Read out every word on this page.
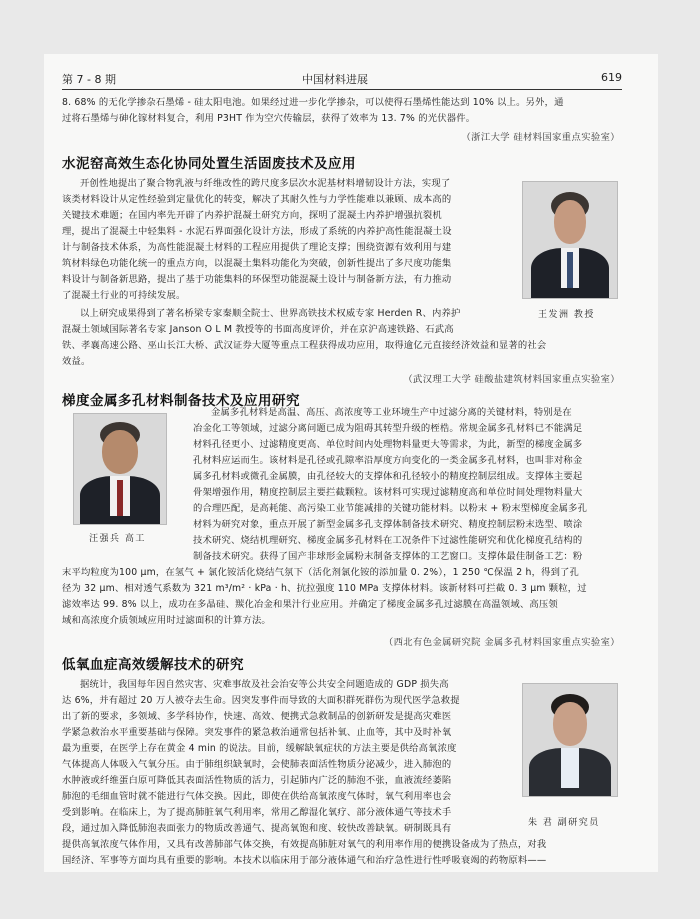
第 7 - 8 期	中国材料进展	619
8. 68% 的无化学掺杂石墨烯 - 硅太阳电池。如果经过进一步化学掺杂，可以使得石墨烯性能达到 10% 以上。另外，通
过将石墨烯与砷化镓材料复合，利用 P3HT 作为空穴传输层，获得了效率为 13. 7% 的光伏器件。
（浙江大学 硅材料国家重点实验室）
水泥窑高效生态化协同处置生活固废技术及应用
开创性地提出了聚合物乳液与纤维改性的跨尺度多层次水泥基材料增韧设计方法，实现了
该类材料设计从定性经验到定量优化的转变，解决了其耐久性与力学性能难以兼顾、成本高的
关键技术难题；在国内率先开辟了内养护混凝土研究方向，探明了混凝土内养护增强抗裂机
理，提出了混凝土中轻集料 - 水泥石界面强化设计方法，形成了系统的内养护高性能混凝土设
计与制备技术体系，为高性能混凝土材料的工程应用提供了理论支撑；围绕资源有效利用与建
筑材料绿色功能化统一的重点方向，以混凝土集料功能化为突破，创新性提出了多尺度功能集
料设计与制备新思路，提出了基于功能集料的环保型功能混凝土设计与制备新方法，有力推动
了混凝土行业的可持续发展。
以上研究成果得到了著名桥梁专家秦顺全院士、世界高铁技术权威专家 Herden R、内养护
混凝土领域国际著名专家 Janson O L M 教授等的书面高度评价，并在京沪高速铁路、石武高
铁、孝襄高速公路、巫山长江大桥、武汉证券大厦等重点工程获得成功应用，取得逾亿元直接经济效益和显著的社会
效益。
王发洲 教授
（武汉理工大学 硅酸盐建筑材料国家重点实验室）
梯度金属多孔材料制备技术及应用研究
汪强兵 高工
金属多孔材料是高温、高压、高浓度等工业环境生产中过滤分离的关键材料，特别是在
冶金化工等领域，过滤分离问题已成为阻碍其转型升级的桎梏。常规金属多孔材料已不能满足
材料孔径更小、过滤精度更高、单位时间内处理物料量更大等需求，为此，新型的梯度金属多
孔材料应运而生。该材料是孔径或孔隙率沿厚度方向变化的一类金属多孔材料，也叫非对称金
属多孔材料或微孔金属膜，由孔径较大的支撑体和孔径较小的精度控制层组成。支撑体主要起
骨架增强作用，精度控制层主要拦截颗粒。该材料可实现过滤精度高和单位时间处理物料量大
的合理匹配，是高耗能、高污染工业节能减排的关键功能材料。以粉末 + 粉末型梯度金属多孔
材料为研究对象，重点开展了新型金属多孔支撑体制备技术研究、精度控制层粉末选型、喷涂
技术研究、烧结机理研究、梯度金属多孔材料在工况条件下过滤性能研究和优化梯度孔结构的
制备技术研究。获得了国产非球形金属粉末制备支撑体的工艺窗口。支撑体最佳制备工艺：粉
末平均粒度为100 μm，在氢气 + 氯化铵活化烧结气氛下（活化剂氯化铵的添加量 0. 2%），1 250 ℃保温 2 h，得到了孔
径为 32 μm、相对透气系数为 321 m³/m² · kPa · h、抗拉强度 110 MPa 支撑体材料。该新材料可拦截 0. 3 μm 颗粒，过
滤效率达 99. 8% 以上，成功在多晶硅、羰化冶金和果汁行业应用。并确定了梯度金属多孔过滤膜在高温领域、高压领
域和高浓度介质领域应用时过滤面积的计算方法。
（西北有色金属研究院 金属多孔材料国家重点实验室）
低氧血症高效缓解技术的研究
据统计，我国每年因自然灾害、灾难事故及社会治安等公共安全问题造成的 GDP 损失高
达 6%，并有超过 20 万人被夺去生命。因突发事件而导致的大面积群死群伤为现代医学急救提
出了新的要求，多领域、多学科协作，快速、高效、便携式急救制品的创新研发是提高灾难医
学紧急救治水平重要基础与保障。突发事件的紧急救治通常包括补氧、止血等，其中及时补氧
最为重要，在医学上存在黄金 4 min 的说法。目前，缓解缺氧症状的方法主要是供给高氧浓度
气体提高人体吸入气氧分压。由于肺组织缺氧时，会使肺表面活性物质分泌减少，进入肺泡的
水肿液或纤维蛋白原可降低其表面活性物质的活力，引起肺内广泛的肺泡不张，血液流经萎陷
肺泡的毛细血管时就不能进行气体交换。因此，即使在供给高氧浓度气体时，氧气利用率也会
受到影响。在临床上，为了提高肺脏氧气利用率，常用乙醇湿化氧疗、部分液体通气等技术手
段，通过加入降低肺泡表面张力的物质改善通气、提高氧饱和度、较快改善缺氧。研制既具有
提供高氧浓度气体作用，又具有改善肺部气体交换，有效提高肺脏对氧气的利用率作用的便携设备成为了热点，对我
国经济、军事等方面均具有重要的影响。本技术以临床用于部分液体通气和治疗急性进行性呼吸衰竭的药物原料——
朱 君 副研究员
